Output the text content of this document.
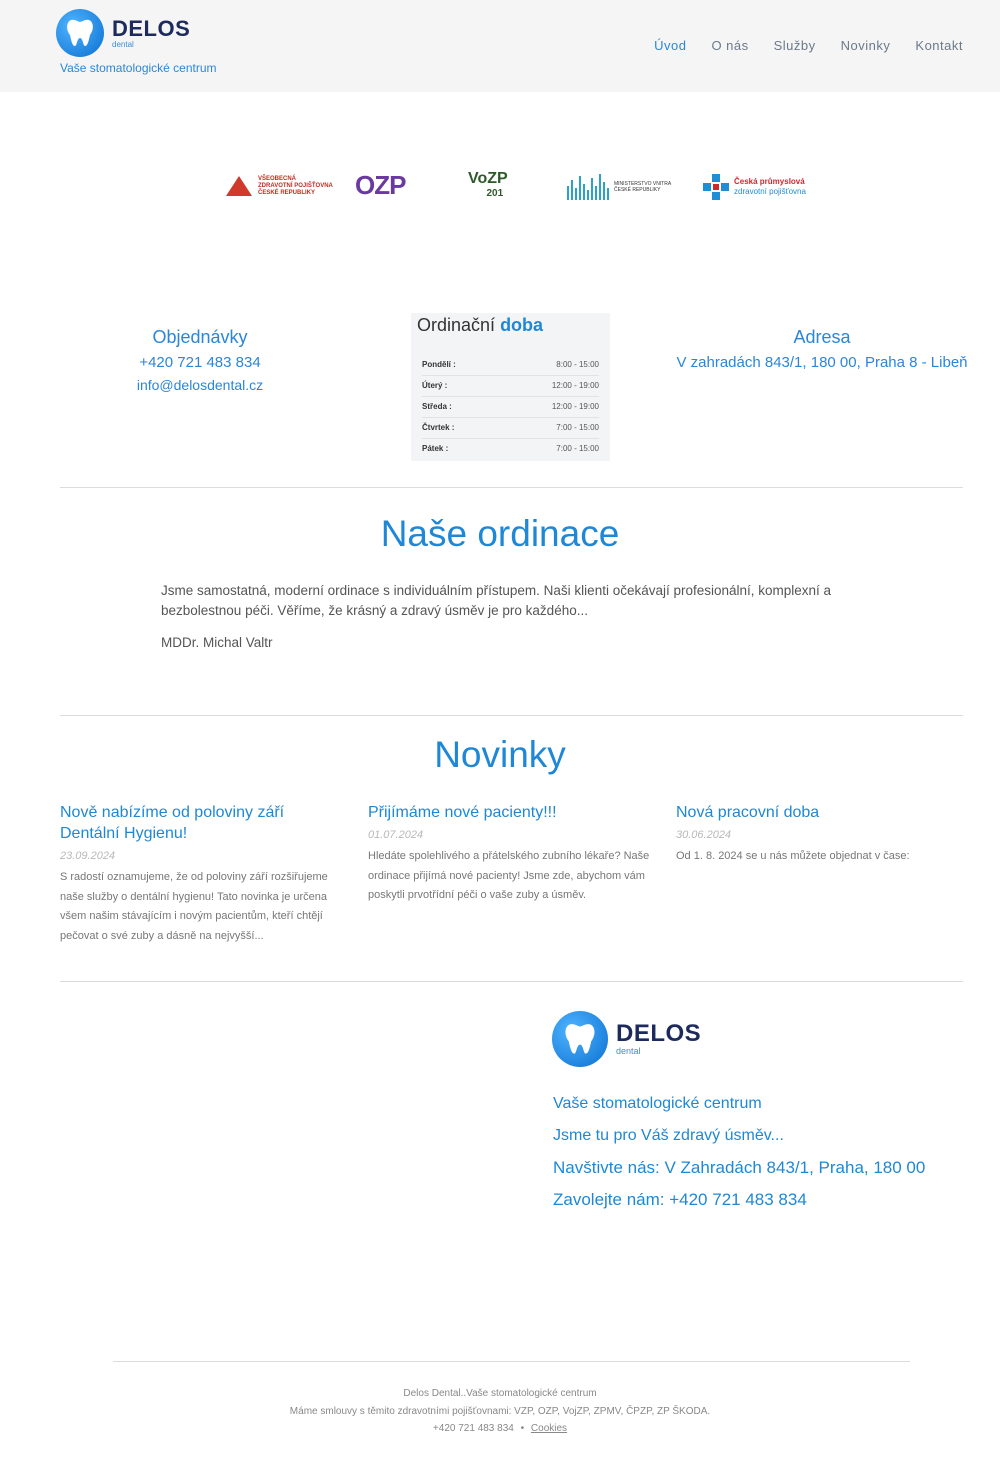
DELOS
dental
Vaše stomatologické centrum
Úvod O nás Služby Novinky Kontakt
VŠEOBECNÁ
ZDRAVOTNÍ POJIŠŤOVNA
ČESKÉ REPUBLIKY	OZP	VoZP
201
MINISTERSTVO VNITRA
ČESKÉ REPUBLIKY
Česká průmyslová
zdravotní pojišťovna
Objednávky
+420 721 483 834
info@delosdental.cz
Ordinační doba
Pondělí :	8:00 - 15:00
Úterý :	12:00 - 19:00
Středa :	12:00 - 19:00
Čtvrtek :	7:00 - 15:00
Pátek :	7:00 - 15:00
Adresa
V zahradách 843/1, 180 00, Praha 8 - Libeň
Naše ordinace

Jsme samostatná, moderní ordinace s individuálním přístupem. Naši klienti očekávají profesionální, komplexní a bezbolestnou péči. Věříme, že krásný a zdravý úsměv je pro každého...

MDDr. Michal Valtr

Novinky
Nově nabízíme od poloviny září Dentální Hygienu!
23.09.2024
S radostí oznamujeme, že od poloviny září rozšiřujeme naše služby o dentální hygienu! Tato novinka je určena všem našim stávajícím i novým pacientům, kteří chtějí pečovat o své zuby a dásně na nejvyšší...
Přijímáme nové pacienty!!!
01.07.2024
Hledáte spolehlivého a přátelského zubního lékaře? Naše ordinace přijímá nové pacienty! Jsme zde, abychom vám poskytli prvotřídní péči o vaše zuby a úsměv.
Nová pracovní doba
30.06.2024
Od 1. 8. 2024 se u nás můžete objednat v čase:
DELOS
dental
Vaše stomatologické centrum
Jsme tu pro Váš zdravý úsměv...
Navštivte nás: V Zahradách 843/1, Praha, 180 00
Zavolejte nám: +420 721 483 834
Delos Dental..Vaše stomatologické centrum
Máme smlouvy s těmito zdravotními pojišťovnami: VZP, OZP, VojZP, ZPMV, ČPZP, ZP ŠKODA.
+420 721 483 834 • Cookies
